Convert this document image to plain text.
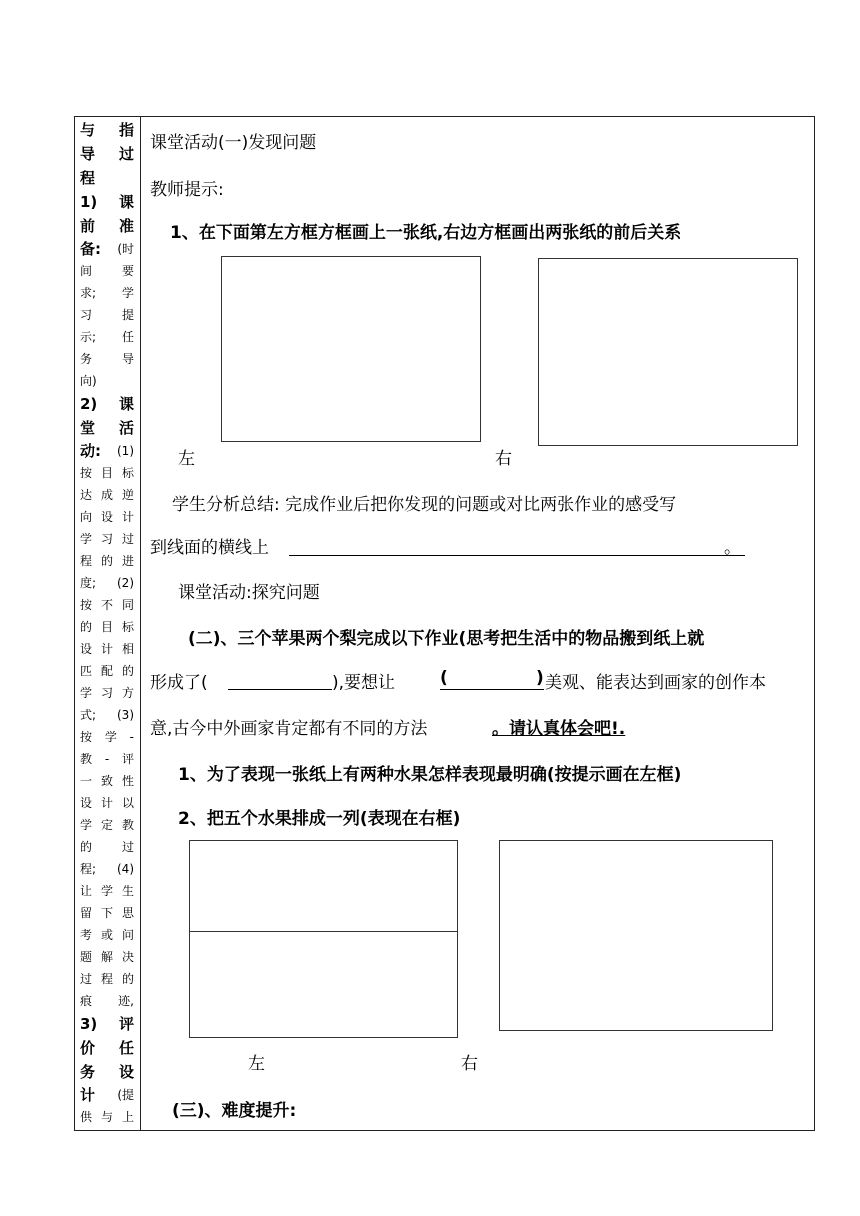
与 指
导 过
程
1) 课
前 准
备: (时
间 要
求; 学
习 提
示; 任
务 导
向)
2) 课
堂 活
动: (1)
按 目 标
达 成 逆
向 设 计
学 习 过
程 的 进
度; (2)
按 不 同
的 目 标
设 计 相
匹 配 的
学 习 方
式; (3)
按 学 -
教 - 评
一 致 性
设 计 以
学 定 教
的 过
程; (4)
让 学 生
留 下 思
考 或 问
题 解 决
过 程 的
痕 迹,
3) 评
价 任
务 设
计 (提
供 与 上
课堂活动(一)发现问题
教师提示:
1、在下面第左方框方框画上一张纸,右边方框画出两张纸的前后关系
左	右
学生分析总结: 完成作业后把你发现的问题或对比两张作业的感受写
到线面的横线上	。
课堂活动:探究问题
(二)、三个苹果两个梨完成以下作业(思考把生活中的物品搬到纸上就
形成了(	),要想让	(	) 美观、能表达到画家的创作本
意,古今中外画家肯定都有不同的方法	。请认真体会吧!.
1、为了表现一张纸上有两种水果怎样表现最明确(按提示画在左框)
2、把五个水果排成一列(表现在右框)
左	右
(三)、难度提升:
